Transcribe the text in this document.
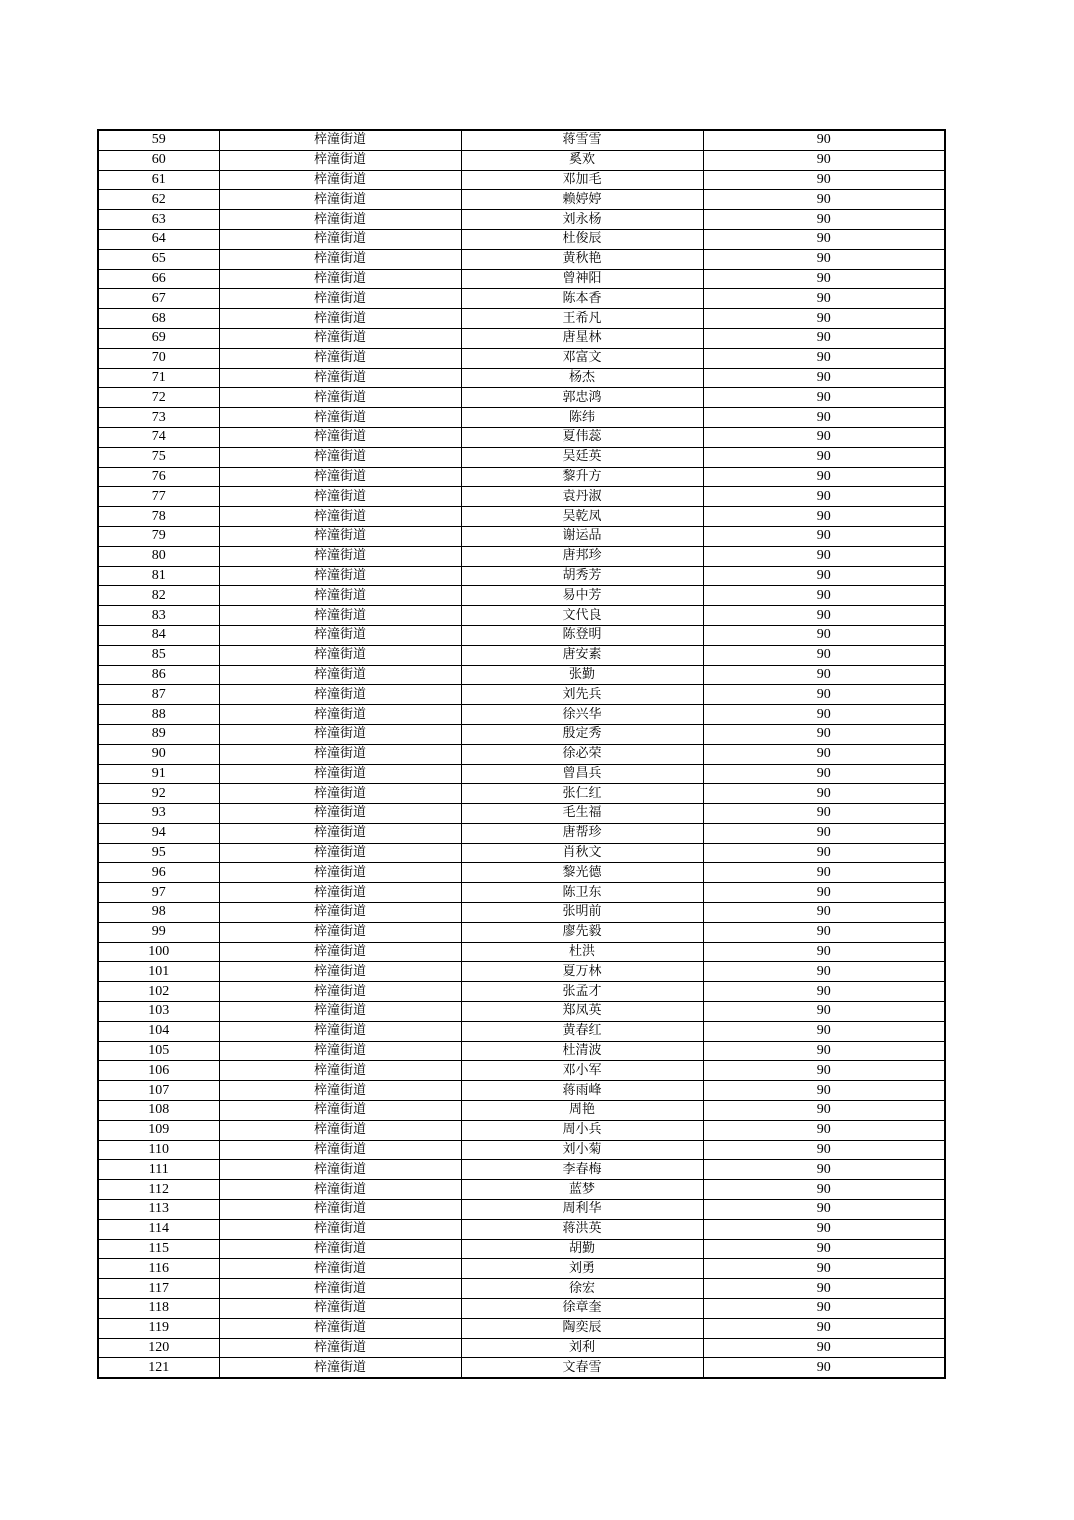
59	梓潼街道	蒋雪雪	90
60	梓潼街道	奚欢	90
61	梓潼街道	邓加毛	90
62	梓潼街道	赖婷婷	90
63	梓潼街道	刘永杨	90
64	梓潼街道	杜俊辰	90
65	梓潼街道	黄秋艳	90
66	梓潼街道	曾神阳	90
67	梓潼街道	陈本香	90
68	梓潼街道	王希凡	90
69	梓潼街道	唐星林	90
70	梓潼街道	邓富文	90
71	梓潼街道	杨杰	90
72	梓潼街道	郭忠鸿	90
73	梓潼街道	陈纬	90
74	梓潼街道	夏伟蕊	90
75	梓潼街道	吴廷英	90
76	梓潼街道	黎升方	90
77	梓潼街道	袁丹淑	90
78	梓潼街道	吴乾凤	90
79	梓潼街道	谢运品	90
80	梓潼街道	唐邦珍	90
81	梓潼街道	胡秀芳	90
82	梓潼街道	易中芳	90
83	梓潼街道	文代良	90
84	梓潼街道	陈登明	90
85	梓潼街道	唐安素	90
86	梓潼街道	张勤	90
87	梓潼街道	刘先兵	90
88	梓潼街道	徐兴华	90
89	梓潼街道	殷定秀	90
90	梓潼街道	徐必荣	90
91	梓潼街道	曾昌兵	90
92	梓潼街道	张仁红	90
93	梓潼街道	毛生福	90
94	梓潼街道	唐帮珍	90
95	梓潼街道	肖秋文	90
96	梓潼街道	黎光德	90
97	梓潼街道	陈卫东	90
98	梓潼街道	张明前	90
99	梓潼街道	廖先毅	90
100	梓潼街道	杜洪	90
101	梓潼街道	夏万林	90
102	梓潼街道	张孟才	90
103	梓潼街道	郑凤英	90
104	梓潼街道	黄春红	90
105	梓潼街道	杜清波	90
106	梓潼街道	邓小军	90
107	梓潼街道	蒋雨峰	90
108	梓潼街道	周艳	90
109	梓潼街道	周小兵	90
110	梓潼街道	刘小菊	90
111	梓潼街道	李春梅	90
112	梓潼街道	蓝梦	90
113	梓潼街道	周利华	90
114	梓潼街道	蒋洪英	90
115	梓潼街道	胡勤	90
116	梓潼街道	刘勇	90
117	梓潼街道	徐宏	90
118	梓潼街道	徐章奎	90
119	梓潼街道	陶奕辰	90
120	梓潼街道	刘利	90
121	梓潼街道	文春雪	90
